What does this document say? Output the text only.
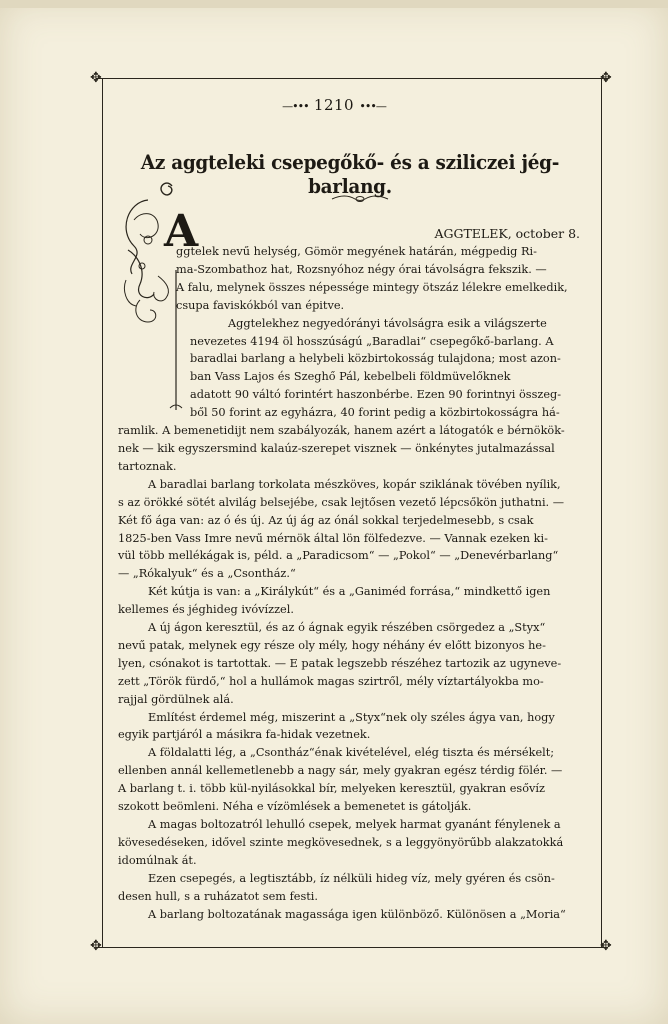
✥	✥
✥	✥
—••• 1210 •••—
Az aggteleki csepegőkő- és a sziliczei jég-barlang.
A	AGGTELEK, october 8.

ggtelek nevű helység, Gömör megyének határán, mégpedig Ri-

ma-Szombathoz hat, Rozsnyóhoz négy órai távolságra fekszik. —

A falu, melynek összes népessége mintegy ötszáz lélekre emelkedik,

csupa faviskókból van épitve.

Aggtelekhez negyedórányi távolságra esik a világszerte

nevezetes 4194 öl hosszúságú „Baradlai“ csepegőkő-barlang. A

baradlai barlang a helybeli közbirtokosság tulajdona; most azon-

ban Vass Lajos és Szeghő Pál, kebelbeli földmüvelőknek

adatott 90 váltó forintért haszonbérbe. Ezen 90 forintnyi összeg-

ből 50 forint az egyházra, 40 forint pedig a közbirtokosságra há-

ramlik. A bemenetidijt nem szabályozák, hanem azért a látogatók e bérnökök-

nek — kik egyszersmind kalaúz-szerepet visznek — önkénytes jutalmazással

tartoznak.

A baradlai barlang torkolata mészköves, kopár sziklának tövében nyílik,

s az örökké sötét alvilág belsejébe, csak lejtősen vezető lépcsőkön juthatni. —

Két fő ága van: az ó és új. Az új ág az ónál sokkal terjedelmesebb, s csak

1825-ben Vass Imre nevű mérnök által lön fölfedezve. — Vannak ezeken ki-

vül több mellékágak is, péld. a „Paradicsom“ — „Pokol“ — „Denevérbarlang“

— „Rókalyuk“ és a „Csontház.“

Két kútja is van: a „Királykút“ és a „Ganiméd forrása,“ mindkettő igen

kellemes és jéghideg ivóvízzel.

A új ágon keresztül, és az ó ágnak egyik részében csörgedez a „Styx“

nevű patak, melynek egy része oly mély, hogy néhány év előtt bizonyos he-

lyen, csónakot is tartottak. — E patak legszebb részéhez tartozik az ugyneve-

zett „Török fürdő,“ hol a hullámok magas szirtről, mély víztartályokba mo-

rajjal gördülnek alá.

Említést érdemel még, miszerint a „Styx“nek oly széles ágya van, hogy

egyik partjáról a másikra fa-hidak vezetnek.

A földalatti lég, a „Csontház“énak kivételével, elég tiszta és mérsékelt;

ellenben annál kellemetlenebb a nagy sár, mely gyakran egész térdig fölér. —

A barlang t. i. több kül-nyilásokkal bír, melyeken keresztül, gyakran esővíz

szokott beömleni. Néha e vízömlések a bemenetet is gátolják.

A magas boltozatról lehulló csepek, melyek harmat gyanánt fénylenek a

kövesedéseken, idővel szinte megkövesednek, s a leggyönyörűbb alakzatokká

idomúlnak át.

Ezen csepegés, a legtisztább, íz nélküli hideg víz, mely gyéren és csön-

desen hull, s a ruházatot sem festi.

A barlang boltozatának magassága igen különböző. Különösen a „Moria“
